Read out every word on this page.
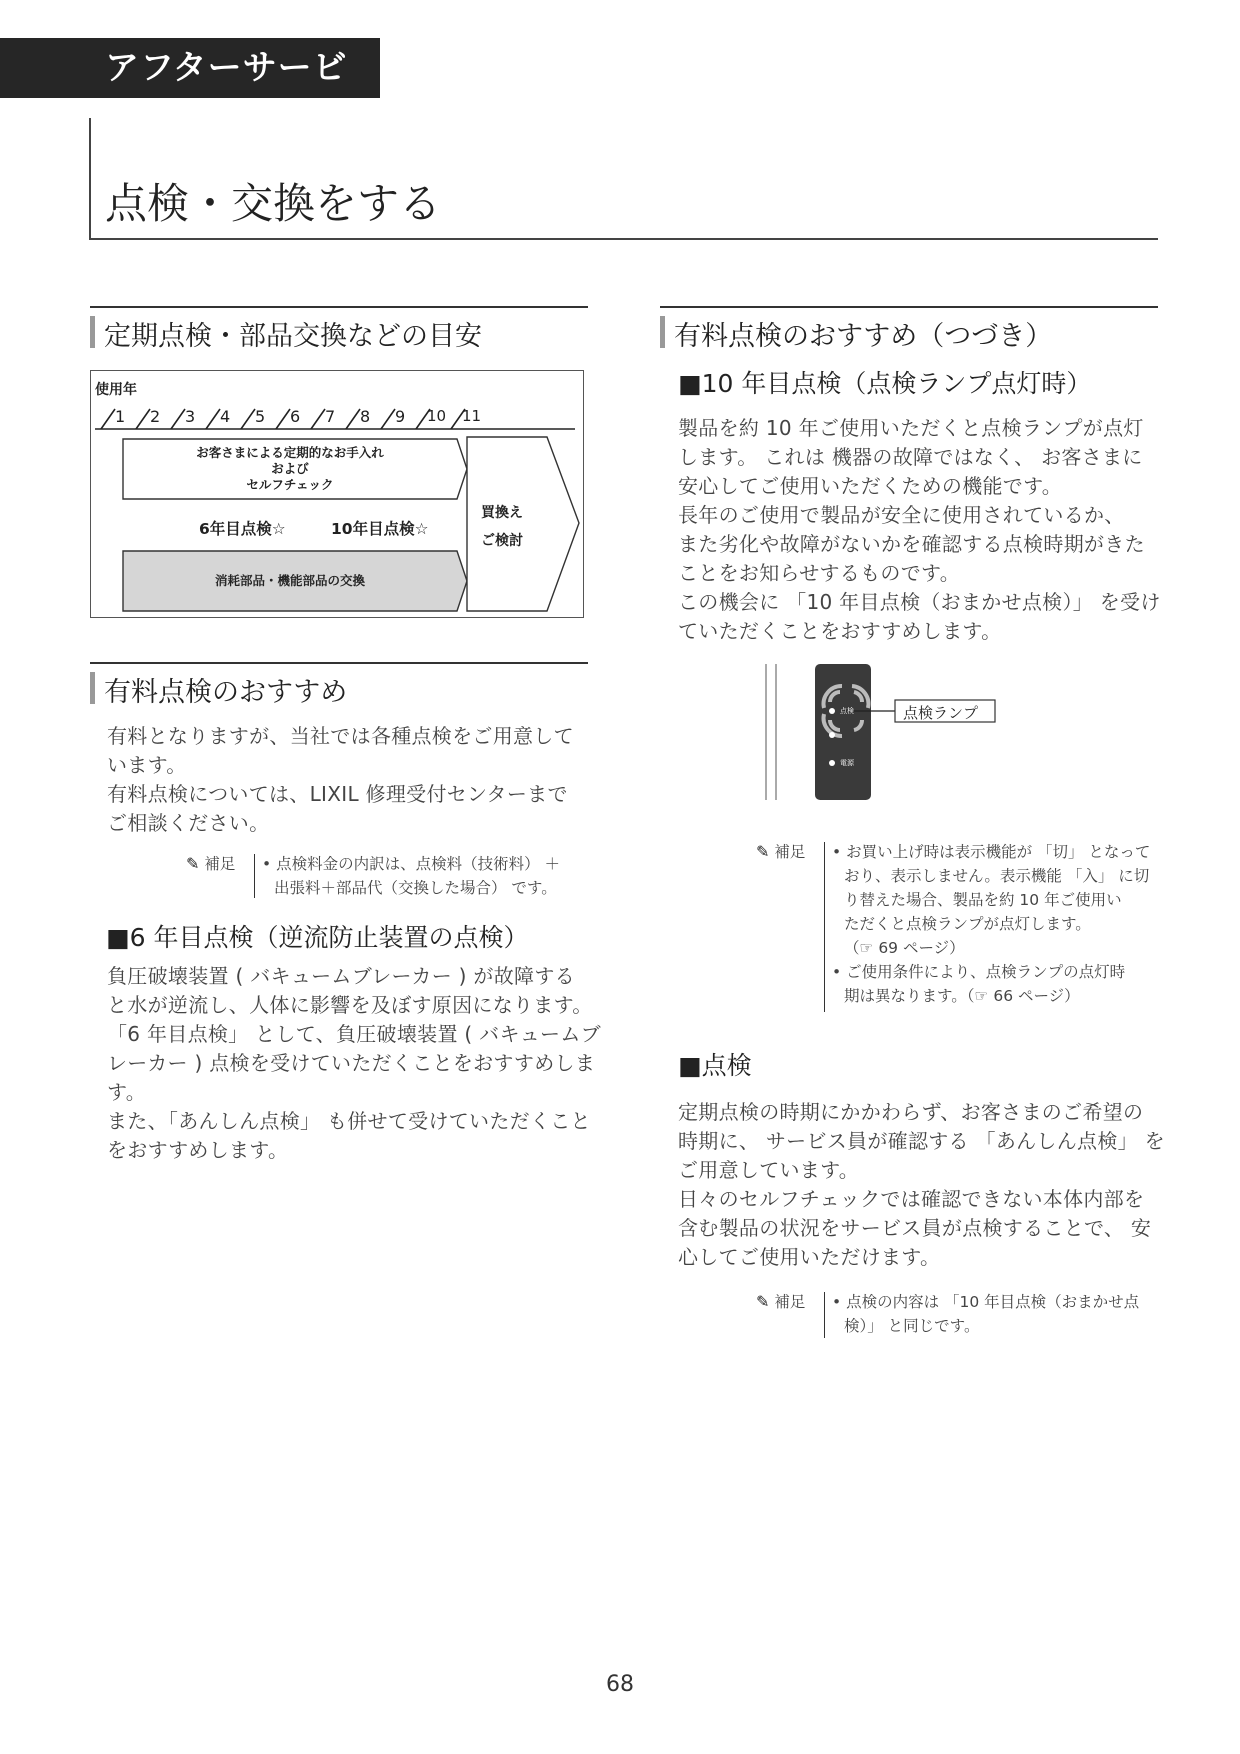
アフターサービス
点検・交換をする
定期点検・部品交換などの目安
使用年
1 2 3 4 5 6 7 8 9 10 11
お客さまによる定期的なお手入れ
および
セルフチェック
6年目点検☆	10年目点検☆
買換え
ご検討
消耗部品・機能部品の交換
有料点検のおすすめ
有料となりますが、当社では各種点検をご用意して
います。
有料点検については、LIXIL 修理受付センターまで
ご相談ください。
✎ 補足 • 点検料金の内訳は、点検料（技術料） ＋
出張料＋部品代（交換した場合） です。
■6 年目点検（逆流防止装置の点検）
負圧破壊装置 ( バキュームブレーカー ) が故障する
と水が逆流し、人体に影響を及ぼす原因になります。
「6 年目点検」 として、負圧破壊装置 ( バキュームブ
レーカー ) 点検を受けていただくことをおすすめしま
す。
また、「あんしん点検」 も併せて受けていただくこと
をおすすめします。
有料点検のおすすめ（つづき）
■10 年目点検（点検ランプ点灯時）
製品を約 10 年ご使用いただくと点検ランプが点灯
します。 これは 機器の故障ではなく、 お客さまに
安心してご使用いただくための機能です。
長年のご使用で製品が安全に使用されているか、
また劣化や故障がないかを確認する点検時期がきた
ことをお知らせするものです。
この機会に 「10 年目点検（おまかせ点検）」 を受け
ていただくことをおすすめします。
点検
電源
点検ランプ
✎ 補足 • お買い上げ時は表示機能が 「切」 となって
おり、表示しません。表示機能 「入」 に切
り替えた場合、製品を約 10 年ご使用い
ただくと点検ランプが点灯します。
（☞ 69 ページ）
• ご使用条件により、点検ランプの点灯時
期は異なります。（☞ 66 ページ）
■点検
定期点検の時期にかかわらず、お客さまのご希望の
時期に、 サービス員が確認する 「あんしん点検」 を
ご用意しています。
日々のセルフチェックでは確認できない本体内部を
含む製品の状況をサービス員が点検することで、 安
心してご使用いただけます。
✎ 補足 • 点検の内容は 「10 年目点検（おまかせ点
検）」 と同じです。
68
